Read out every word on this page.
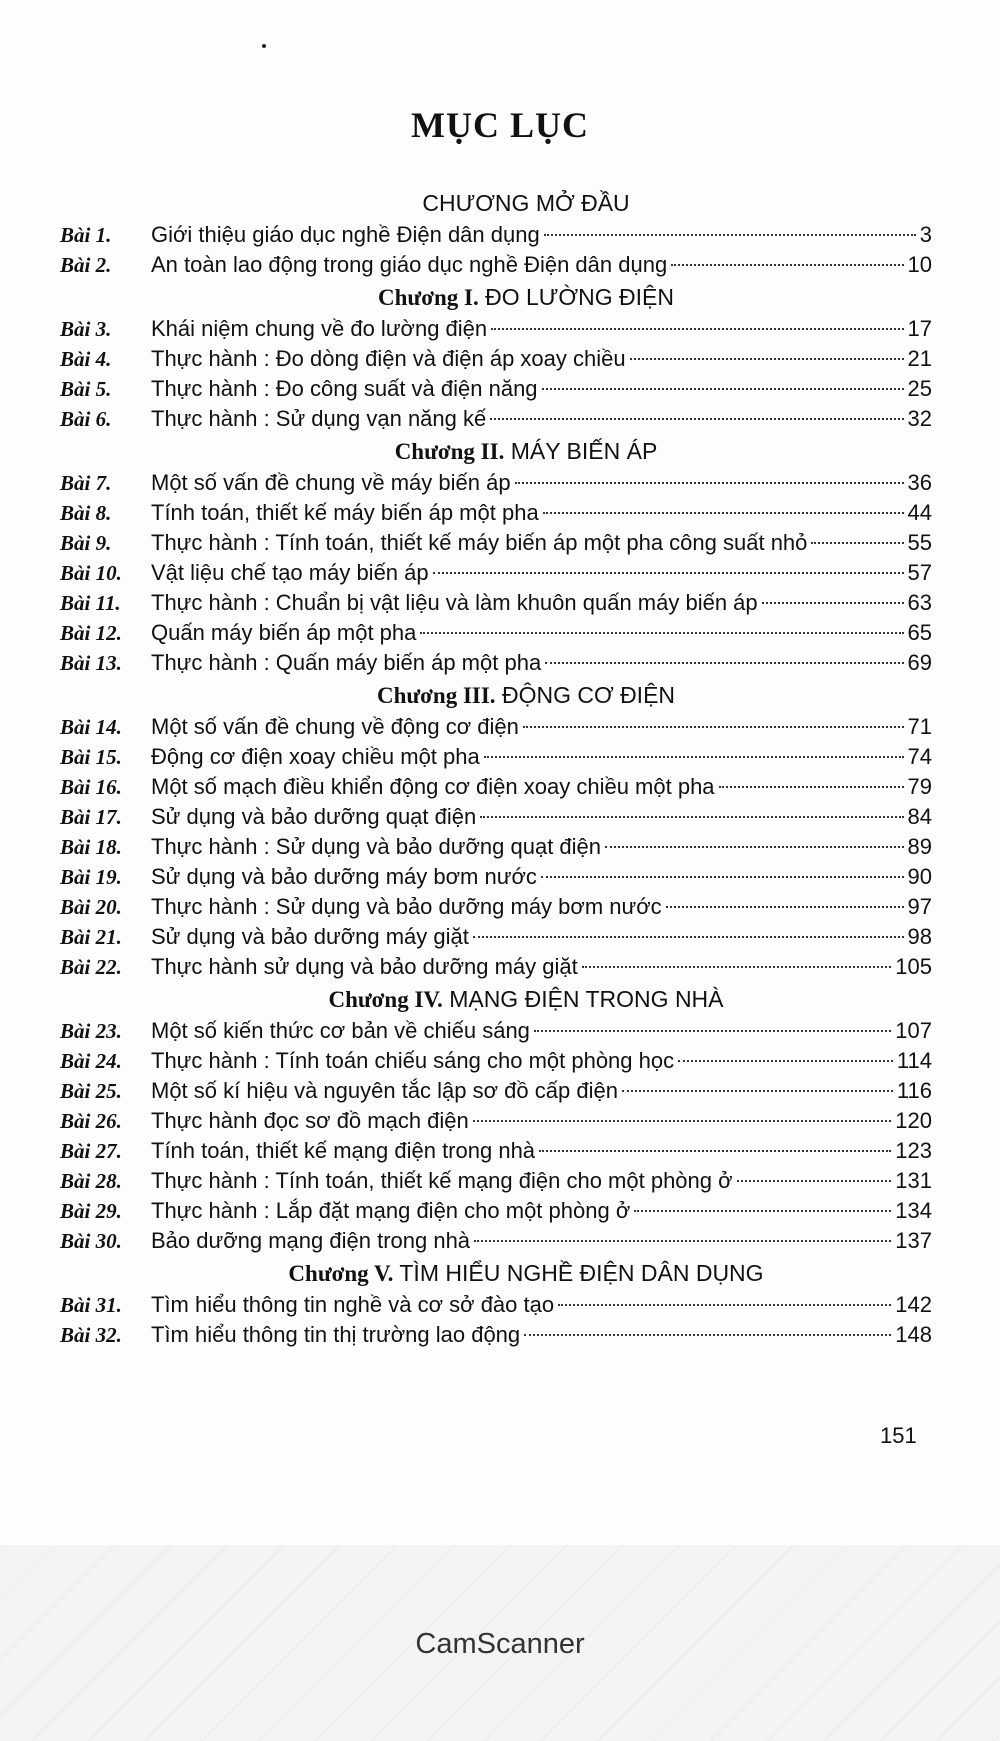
MỤC LỤC
CHƯƠNG MỞ ĐẦU
Bài 1.	Giới thiệu giáo dục nghề Điện dân dụng	3
Bài 2.	An toàn lao động trong giáo dục nghề Điện dân dụng	10
Chương I. ĐO LƯỜNG ĐIỆN
Bài 3.	Khái niệm chung về đo lường điện	17
Bài 4.	Thực hành : Đo dòng điện và điện áp xoay chiều	21
Bài 5.	Thực hành : Đo công suất và điện năng	25
Bài 6.	Thực hành : Sử dụng vạn năng kế	32
Chương II. MÁY BIẾN ÁP
Bài 7.	Một số vấn đề chung về máy biến áp	36
Bài 8.	Tính toán, thiết kế máy biến áp một pha	44
Bài 9.	Thực hành : Tính toán, thiết kế máy biến áp một pha công suất nhỏ	55
Bài 10.	Vật liệu chế tạo máy biến áp	57
Bài 11.	Thực hành : Chuẩn bị vật liệu và làm khuôn quấn máy biến áp	63
Bài 12.	Quấn máy biến áp một pha	65
Bài 13.	Thực hành : Quấn máy biến áp một pha	69
Chương III. ĐỘNG CƠ ĐIỆN
Bài 14.	Một số vấn đề chung về động cơ điện	71
Bài 15.	Động cơ điện xoay chiều một pha	74
Bài 16.	Một số mạch điều khiển động cơ điện xoay chiều một pha	79
Bài 17.	Sử dụng và bảo dưỡng quạt điện	84
Bài 18.	Thực hành : Sử dụng và bảo dưỡng quạt điện	89
Bài 19.	Sử dụng và bảo dưỡng máy bơm nước	90
Bài 20.	Thực hành : Sử dụng và bảo dưỡng máy bơm nước	97
Bài 21.	Sử dụng và bảo dưỡng máy giặt	98
Bài 22.	Thực hành sử dụng và bảo dưỡng máy giặt	105
Chương IV. MẠNG ĐIỆN TRONG NHÀ
Bài 23.	Một số kiến thức cơ bản về chiếu sáng	107
Bài 24.	Thực hành : Tính toán chiếu sáng cho một phòng học	114
Bài 25.	Một số kí hiệu và nguyên tắc lập sơ đồ cấp điện	116
Bài 26.	Thực hành đọc sơ đồ mạch điện	120
Bài 27.	Tính toán, thiết kế mạng điện trong nhà	123
Bài 28.	Thực hành : Tính toán, thiết kế mạng điện cho một phòng ở	131
Bài 29.	Thực hành : Lắp đặt mạng điện cho một phòng ở	134
Bài 30.	Bảo dưỡng mạng điện trong nhà	137
Chương V. TÌM HIỂU NGHỀ ĐIỆN DÂN DỤNG
Bài 31.	Tìm hiểu thông tin nghề và cơ sở đào tạo	142
Bài 32.	Tìm hiểu thông tin thị trường lao động	148
151
CamScanner
